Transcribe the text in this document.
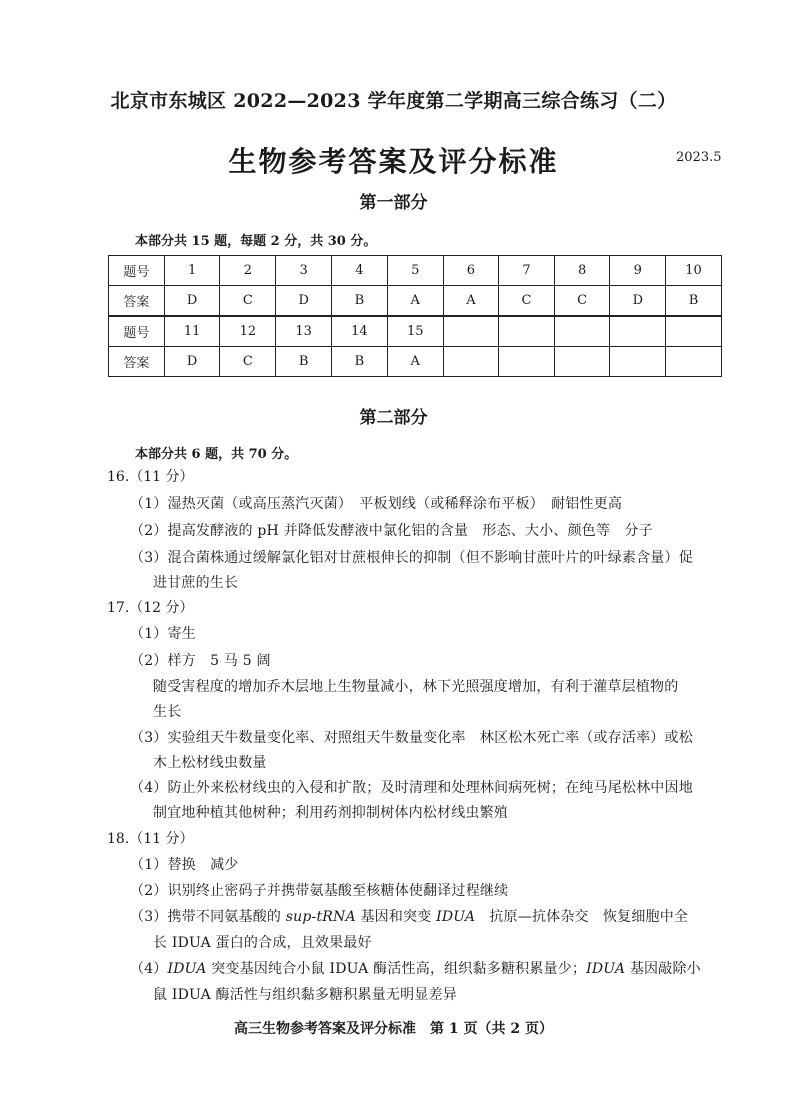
北京市东城区 2022—2023 学年度第二学期高三综合练习（二）
生物参考答案及评分标准	2023.5
第一部分
本部分共 15 题，每题 2 分，共 30 分。
题号	1	2	3	4	5	6	7	8	9	10
答案	D	C	D	B	A	A	C	C	D	B
题号	11	12	13	14	15					
答案	D	C	B	B	A					
第二部分
本部分共 6 题，共 70 分。
16.（11 分）
（1）湿热灭菌（或高压蒸汽灭菌）　平板划线（或稀释涂布平板）　耐铝性更高
（2）提高发酵液的 pH 并降低发酵液中氯化铝的含量　形态、大小、颜色等　分子
（3）混合菌株通过缓解氯化铝对甘蔗根伸长的抑制（但不影响甘蔗叶片的叶绿素含量）促
进甘蔗的生长
17.（12 分）
（1）寄生
（2）样方　5 马 5 阔
随受害程度的增加乔木层地上生物量减小，林下光照强度增加，有利于灌草层植物的
生长
（3）实验组天牛数量变化率、对照组天牛数量变化率　林区松木死亡率（或存活率）或松
木上松材线虫数量
（4）防止外来松材线虫的入侵和扩散；及时清理和处理林间病死树；在纯马尾松林中因地
制宜地种植其他树种；利用药剂抑制树体内松材线虫繁殖
18.（11 分）
（1）替换　减少
（2）识别终止密码子并携带氨基酸至核糖体使翻译过程继续
（3）携带不同氨基酸的 sup-tRNA 基因和突变 IDUA　抗原—抗体杂交　恢复细胞中全
长 IDUA 蛋白的合成，且效果最好
（4）IDUA 突变基因纯合小鼠 IDUA 酶活性高，组织黏多糖积累量少；IDUA 基因敲除小
鼠 IDUA 酶活性与组织黏多糖积累量无明显差异
高三生物参考答案及评分标准　第 1 页（共 2 页）
